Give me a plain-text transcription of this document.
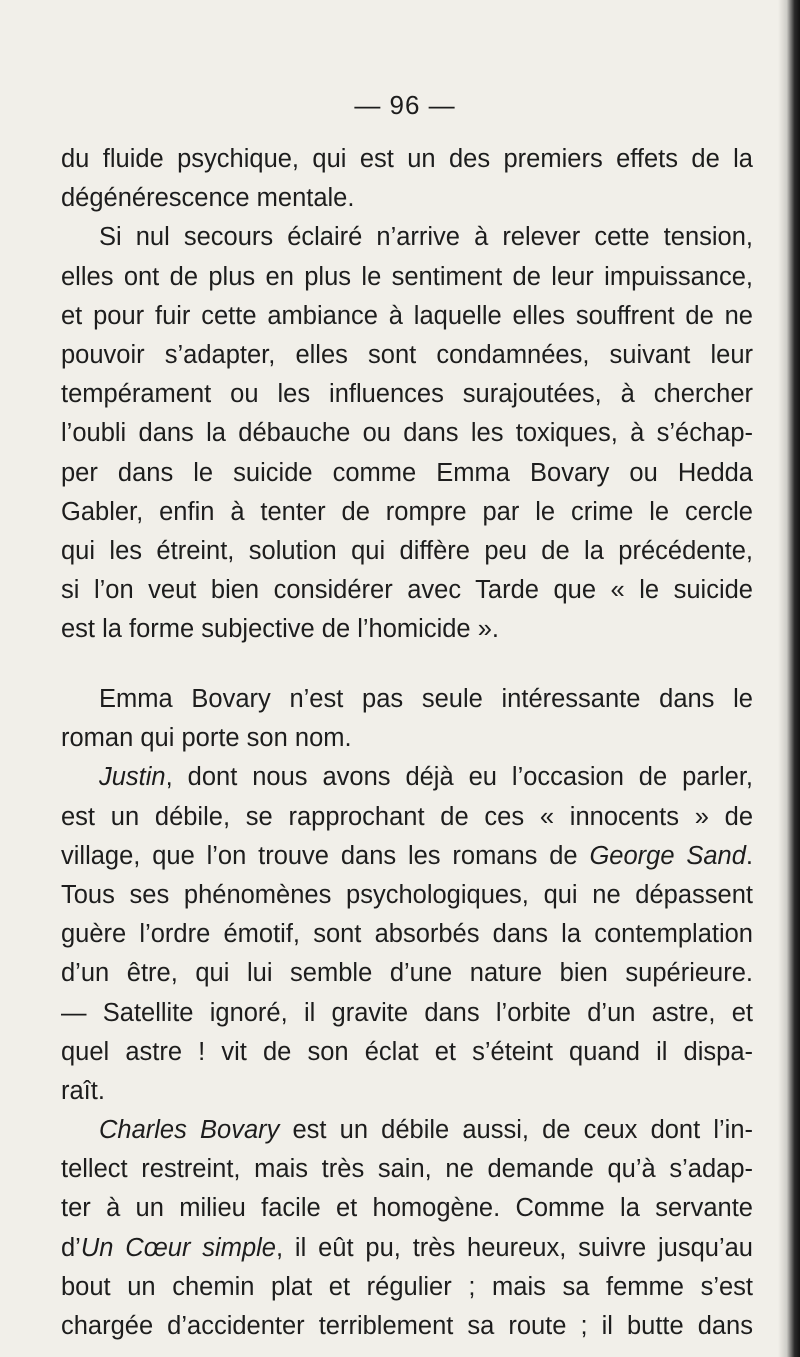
— 96 —
du fluide psychique, qui est un des premiers effets de la
dégénérescence mentale.
Si nul secours éclairé n’arrive à relever cette tension,
elles ont de plus en plus le sentiment de leur impuissance,
et pour fuir cette ambiance à laquelle elles souffrent de ne
pouvoir s’adapter, elles sont condamnées, suivant leur
tempérament ou les influences surajoutées, à chercher
l’oubli dans la débauche ou dans les toxiques, à s’échap-
per dans le suicide comme Emma Bovary ou Hedda
Gabler, enfin à tenter de rompre par le crime le cercle
qui les étreint, solution qui diffère peu de la précédente,
si l’on veut bien considérer avec Tarde que « le suicide
est la forme subjective de l’homicide ».
Emma Bovary n’est pas seule intéressante dans le
roman qui porte son nom.
Justin, dont nous avons déjà eu l’occasion de parler,
est un débile, se rapprochant de ces « innocents » de
village, que l’on trouve dans les romans de George Sand.
Tous ses phénomènes psychologiques, qui ne dépassent
guère l’ordre émotif, sont absorbés dans la contemplation
d’un être, qui lui semble d’une nature bien supérieure.
— Satellite ignoré, il gravite dans l’orbite d’un astre, et
quel astre ! vit de son éclat et s’éteint quand il dispa-
raît.
Charles Bovary est un débile aussi, de ceux dont l’in-
tellect restreint, mais très sain, ne demande qu’à s’adap-
ter à un milieu facile et homogène. Comme la servante
d’Un Cœur simple, il eût pu, très heureux, suivre jusqu’au
bout un chemin plat et régulier ; mais sa femme s’est
chargée d’accidenter terriblement sa route ; il butte dans
